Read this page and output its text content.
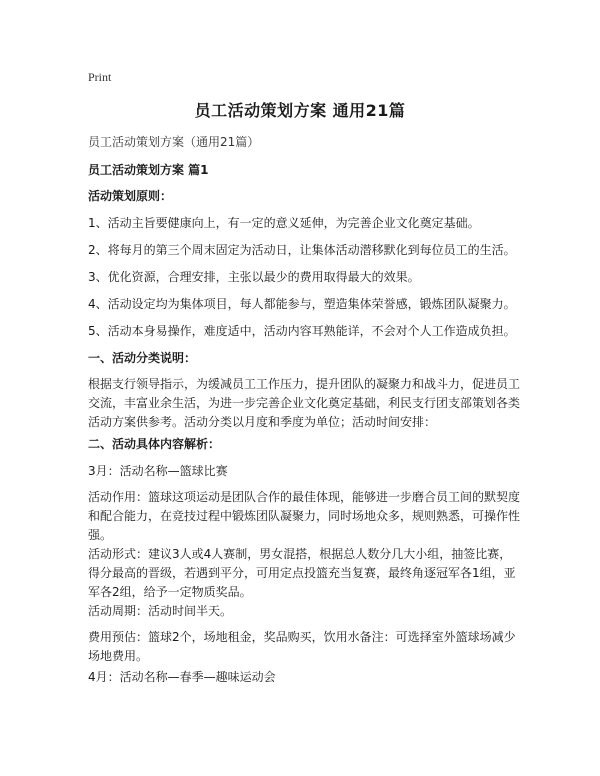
Print
员工活动策划方案 通用21篇
员工活动策划方案（通用21篇）
员工活动策划方案 篇1
活动策划原则：
1、活动主旨要健康向上，有一定的意义延伸，为完善企业文化奠定基础。
2、将每月的第三个周末固定为活动日，让集体活动潜移默化到每位员工的生活。
3、优化资源，合理安排，主张以最少的费用取得最大的效果。
4、活动设定均为集体项目，每人都能参与，塑造集体荣誉感，锻炼团队凝聚力。
5、活动本身易操作，难度适中，活动内容耳熟能详，不会对个人工作造成负担。
一、活动分类说明：
根据支行领导指示，为缓减员工工作压力，提升团队的凝聚力和战斗力，促进员工交流，丰富业余生活，为进一步完善企业文化奠定基础，利民支行团支部策划各类活动方案供参考。活动分类以月度和季度为单位；活动时间安排：
二、活动具体内容解析：
3月：活动名称—篮球比赛
活动作用：篮球这项运动是团队合作的最佳体现，能够进一步磨合员工间的默契度和配合能力，在竞技过程中锻炼团队凝聚力，同时场地众多，规则熟悉，可操作性强。
活动形式：建议3人或4人赛制，男女混搭，根据总人数分几大小组，抽签比赛，得分最高的晋级，若遇到平分，可用定点投篮充当复赛，最终角逐冠军各1组，亚军各2组，给予一定物质奖品。
活动周期：活动时间半天。
费用预估：篮球2个，场地租金，奖品购买，饮用水备注：可选择室外篮球场减少场地费用。
4月：活动名称—春季—趣味运动会
